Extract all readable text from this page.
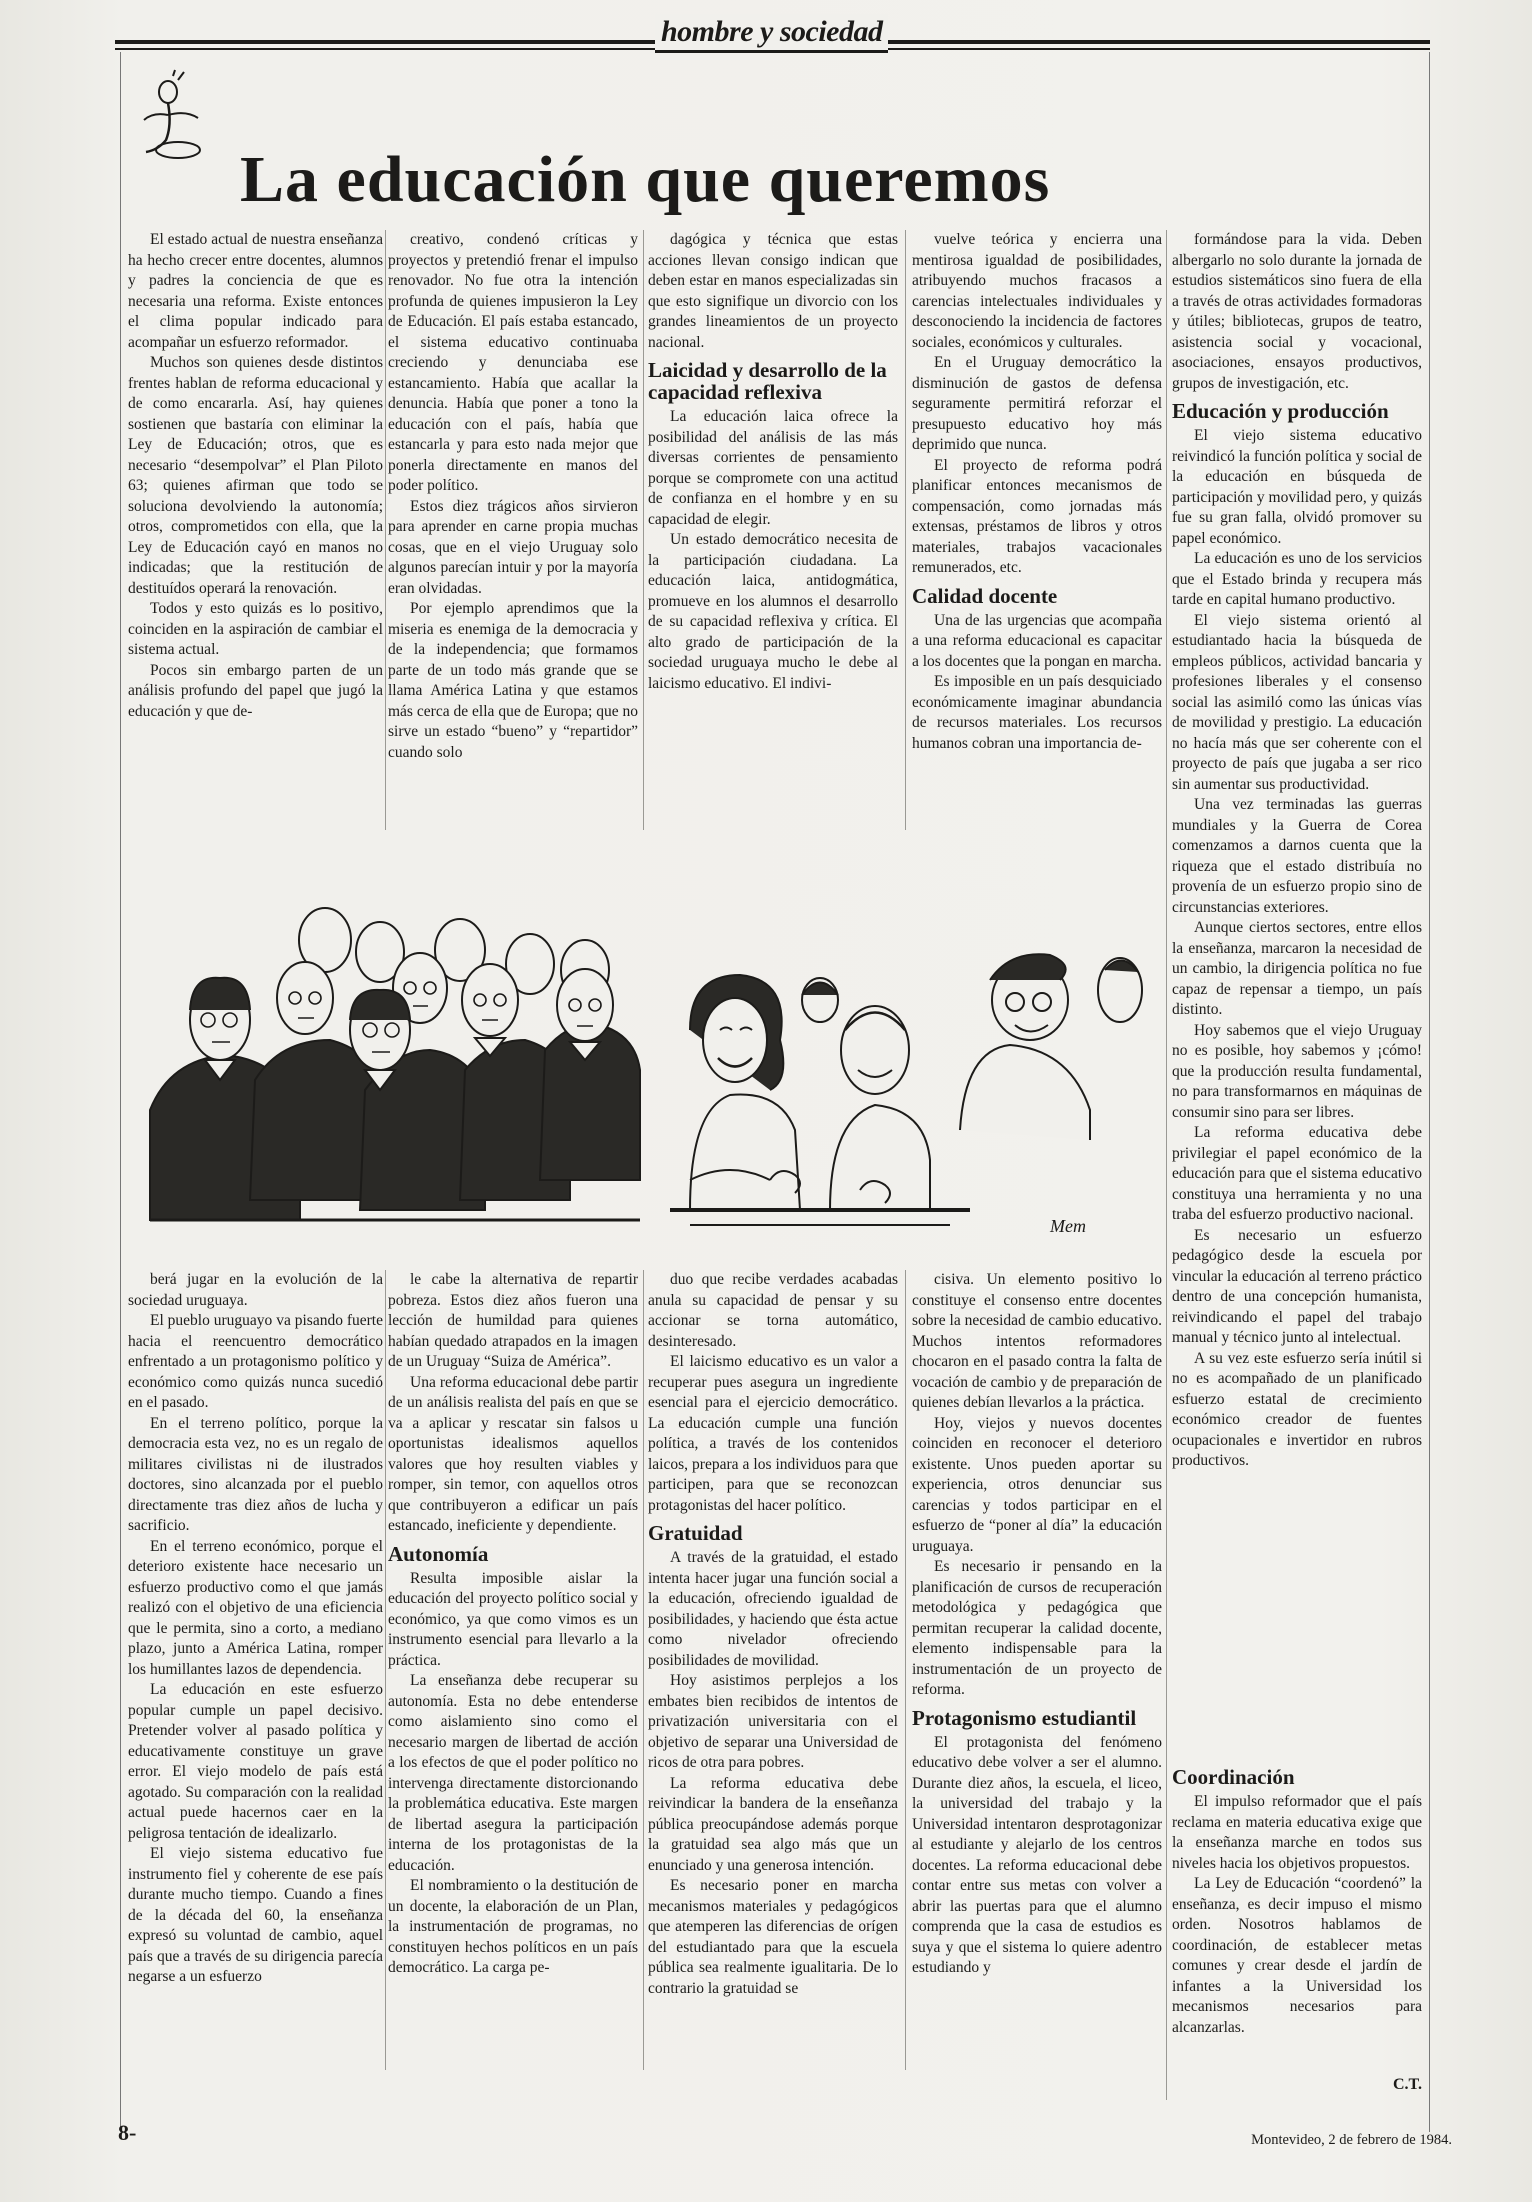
hombre y sociedad
La educación que queremos

El estado actual de nuestra enseñanza ha hecho crecer entre docentes, alumnos y padres la conciencia de que es necesaria una reforma. Existe entonces el clima popular indicado para acompañar un esfuerzo reformador.

Muchos son quienes desde distintos frentes hablan de reforma educacional y de como encararla. Así, hay quienes sostienen que bastaría con eliminar la Ley de Educación; otros, que es necesario “desempolvar” el Plan Piloto 63; quienes afirman que todo se soluciona devolviendo la autonomía; otros, comprometidos con ella, que la Ley de Educación cayó en manos no indicadas; que la restitución de destituídos operará la renovación.

Todos y esto quizás es lo positivo, coinciden en la aspiración de cambiar el sistema actual.

Pocos sin embargo parten de un análisis profundo del papel que jugó la educación y que de-

creativo, condenó críticas y proyectos y pretendió frenar el impulso renovador. No fue otra la intención profunda de quienes impusieron la Ley de Educación. El país estaba estancado, el sistema educativo continuaba creciendo y denunciaba ese estancamiento. Había que acallar la denuncia. Había que poner a tono la educación con el país, había que estancarla y para esto nada mejor que ponerla directamente en manos del poder político.

Estos diez trágicos años sirvieron para aprender en carne propia muchas cosas, que en el viejo Uruguay solo algunos parecían intuir y por la mayoría eran olvidadas.

Por ejemplo aprendimos que la miseria es enemiga de la democracia y de la independencia; que formamos parte de un todo más grande que se llama América Latina y que estamos más cerca de ella que de Europa; que no sirve un estado “bueno” y “repartidor” cuando solo

dagógica y técnica que estas acciones llevan consigo indican que deben estar en manos especializadas sin que esto signifique un divorcio con los grandes lineamientos de un proyecto nacional.

Laicidad y desarrollo de la capacidad reflexiva

La educación laica ofrece la posibilidad del análisis de las más diversas corrientes de pensamiento porque se compromete con una actitud de confianza en el hombre y en su capacidad de elegir.

Un estado democrático necesita de la participación ciudadana. La educación laica, antidogmática, promueve en los alumnos el desarrollo de su capacidad reflexiva y crítica. El alto grado de participación de la sociedad uruguaya mucho le debe al laicismo educativo. El indivi-

vuelve teórica y encierra una mentirosa igualdad de posibilidades, atribuyendo muchos fracasos a carencias intelectuales individuales y desconociendo la incidencia de factores sociales, económicos y culturales.

En el Uruguay democrático la disminución de gastos de defensa seguramente permitirá reforzar el presupuesto educativo hoy más deprimido que nunca.

El proyecto de reforma podrá planificar entonces mecanismos de compensación, como jornadas más extensas, préstamos de libros y otros materiales, trabajos vacacionales remunerados, etc.

Calidad docente

Una de las urgencias que acompaña a una reforma educacional es capacitar a los docentes que la pongan en marcha.

Es imposible en un país desquiciado económicamente imaginar abundancia de recursos materiales. Los recursos humanos cobran una importancia de-

formándose para la vida. Deben albergarlo no solo durante la jornada de estudios sistemáticos sino fuera de ella a través de otras actividades formadoras y útiles; bibliotecas, grupos de teatro, asistencia social y vocacional, asociaciones, ensayos productivos, grupos de investigación, etc.

Educación y producción

El viejo sistema educativo reivindicó la función política y social de la educación en búsqueda de participación y movilidad pero, y quizás fue su gran falla, olvidó promover su papel económico.

La educación es uno de los servicios que el Estado brinda y recupera más tarde en capital humano productivo.

El viejo sistema orientó al estudiantado hacia la búsqueda de empleos públicos, actividad bancaria y profesiones liberales y el consenso social las asimiló como las únicas vías de movilidad y prestigio. La educación no hacía más que ser coherente con el proyecto de país que jugaba a ser rico sin aumentar sus productividad.

Una vez terminadas las guerras mundiales y la Guerra de Corea comenzamos a darnos cuenta que la riqueza que el estado distribuía no provenía de un esfuerzo propio sino de circunstancias exteriores.

Aunque ciertos sectores, entre ellos la enseñanza, marcaron la necesidad de un cambio, la dirigencia política no fue capaz de repensar a tiempo, un país distinto.

Hoy sabemos que el viejo Uruguay no es posible, hoy sabemos y ¡cómo! que la producción resulta fundamental, no para transformarnos en máquinas de consumir sino para ser libres.

La reforma educativa debe privilegiar el papel económico de la educación para que el sistema educativo constituya una herramienta y no una traba del esfuerzo productivo nacional.

Es necesario un esfuerzo pedagógico desde la escuela por vincular la educación al terreno práctico dentro de una concepción humanista, reivindicando el papel del trabajo manual y técnico junto al intelectual.

A su vez este esfuerzo sería inútil si no es acompañado de un planificado esfuerzo estatal de crecimiento económico creador de fuentes ocupacionales e invertidor en rubros productivos.

Mem

berá jugar en la evolución de la sociedad uruguaya.

El pueblo uruguayo va pisando fuerte hacia el reencuentro democrático enfrentado a un protagonismo político y económico como quizás nunca sucedió en el pasado.

En el terreno político, porque la democracia esta vez, no es un regalo de militares civilistas ni de ilustrados doctores, sino alcanzada por el pueblo directamente tras diez años de lucha y sacrificio.

En el terreno económico, porque el deterioro existente hace necesario un esfuerzo productivo como el que jamás realizó con el objetivo de una eficiencia que le permita, sino a corto, a mediano plazo, junto a América Latina, romper los humillantes lazos de dependencia.

La educación en este esfuerzo popular cumple un papel decisivo. Pretender volver al pasado política y educativamente constituye un grave error. El viejo modelo de país está agotado. Su comparación con la realidad actual puede hacernos caer en la peligrosa tentación de idealizarlo.

El viejo sistema educativo fue instrumento fiel y coherente de ese país durante mucho tiempo. Cuando a fines de la década del 60, la enseñanza expresó su voluntad de cambio, aquel país que a través de su dirigencia parecía negarse a un esfuerzo

le cabe la alternativa de repartir pobreza. Estos diez años fueron una lección de humildad para quienes habían quedado atrapados en la imagen de un Uruguay “Suiza de América”.

Una reforma educacional debe partir de un análisis realista del país en que se va a aplicar y rescatar sin falsos u oportunistas idealismos aquellos valores que hoy resulten viables y romper, sin temor, con aquellos otros que contribuyeron a edificar un país estancado, ineficiente y dependiente.

Autonomía

Resulta imposible aislar la educación del proyecto político social y económico, ya que como vimos es un instrumento esencial para llevarlo a la práctica.

La enseñanza debe recuperar su autonomía. Esta no debe entenderse como aislamiento sino como el necesario margen de libertad de acción a los efectos de que el poder político no intervenga directamente distorcionando la problemática educativa. Este margen de libertad asegura la participación interna de los protagonistas de la educación.

El nombramiento o la destitución de un docente, la elaboración de un Plan, la instrumentación de programas, no constituyen hechos políticos en un país democrático. La carga pe-

duo que recibe verdades acabadas anula su capacidad de pensar y su accionar se torna automático, desinteresado.

El laicismo educativo es un valor a recuperar pues asegura un ingrediente esencial para el ejercicio democrático. La educación cumple una función política, a través de los contenidos laicos, prepara a los individuos para que participen, para que se reconozcan protagonistas del hacer político.

Gratuidad

A través de la gratuidad, el estado intenta hacer jugar una función social a la educación, ofreciendo igualdad de posibilidades, y haciendo que ésta actue como nivelador ofreciendo posibilidades de movilidad.

Hoy asistimos perplejos a los embates bien recibidos de intentos de privatización universitaria con el objetivo de separar una Universidad de ricos de otra para pobres.

La reforma educativa debe reivindicar la bandera de la enseñanza pública preocupándose además porque la gratuidad sea algo más que un enunciado y una generosa intención.

Es necesario poner en marcha mecanismos materiales y pedagógicos que atemperen las diferencias de orígen del estudiantado para que la escuela pública sea realmente igualitaria. De lo contrario la gratuidad se

cisiva. Un elemento positivo lo constituye el consenso entre docentes sobre la necesidad de cambio educativo. Muchos intentos reformadores chocaron en el pasado contra la falta de vocación de cambio y de preparación de quienes debían llevarlos a la práctica.

Hoy, viejos y nuevos docentes coinciden en reconocer el deterioro existente. Unos pueden aportar su experiencia, otros denunciar sus carencias y todos participar en el esfuerzo de “poner al día” la educación uruguaya.

Es necesario ir pensando en la planificación de cursos de recuperación metodológica y pedagógica que permitan recuperar la calidad docente, elemento indispensable para la instrumentación de un proyecto de reforma.

Protagonismo estudiantil

El protagonista del fenómeno educativo debe volver a ser el alumno. Durante diez años, la escuela, el liceo, la universidad del trabajo y la Universidad intentaron desprotagonizar al estudiante y alejarlo de los centros docentes. La reforma educacional debe contar entre sus metas con volver a abrir las puertas para que el alumno comprenda que la casa de estudios es suya y que el sistema lo quiere adentro estudiando y

Coordinación

El impulso reformador que el país reclama en materia educativa exige que la enseñanza marche en todos sus niveles hacia los objetivos propuestos.

La Ley de Educación “coordenó” la enseñanza, es decir impuso el mismo orden. Nosotros hablamos de coordinación, de establecer metas comunes y crear desde el jardín de infantes a la Universidad los mecanismos necesarios para alcanzarlas.

C.T.
8-	Montevideo, 2 de febrero de 1984.
